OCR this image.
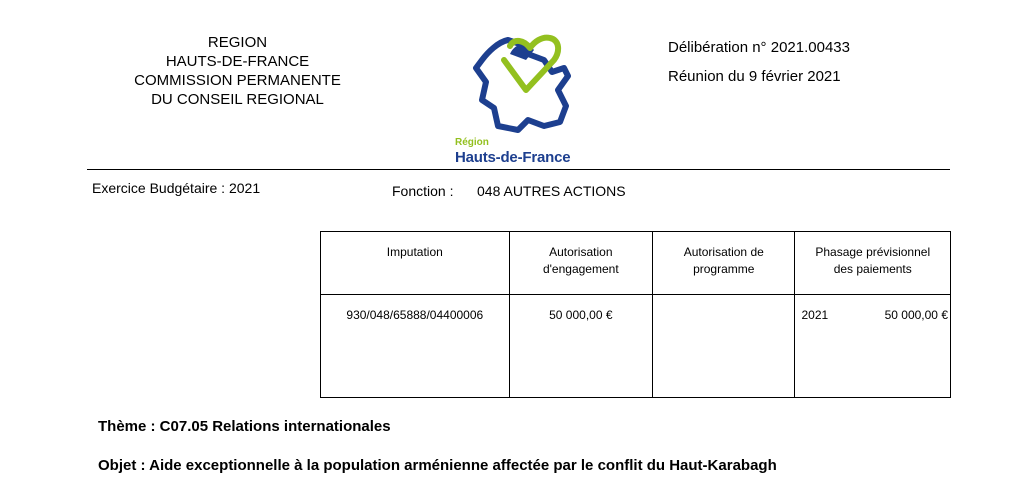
REGION
HAUTS-DE-FRANCE
COMMISSION PERMANENTE
DU CONSEIL REGIONAL
Région
Hauts-de-France
Délibération n° 2021.00433
Réunion du 9 février 2021
Exercice Budgétaire : 2021	Fonction : 048 AUTRES ACTIONS
Imputation	Autorisation d'engagement	Autorisation de programme	Phasage prévisionnel des paiements

930/048/65888/04400006	50 000,00 €		2021 50 000,00 €
Thème : C07.05 Relations internationales
Objet : Aide exceptionnelle à la population arménienne affectée par le conflit du Haut-Karabagh
